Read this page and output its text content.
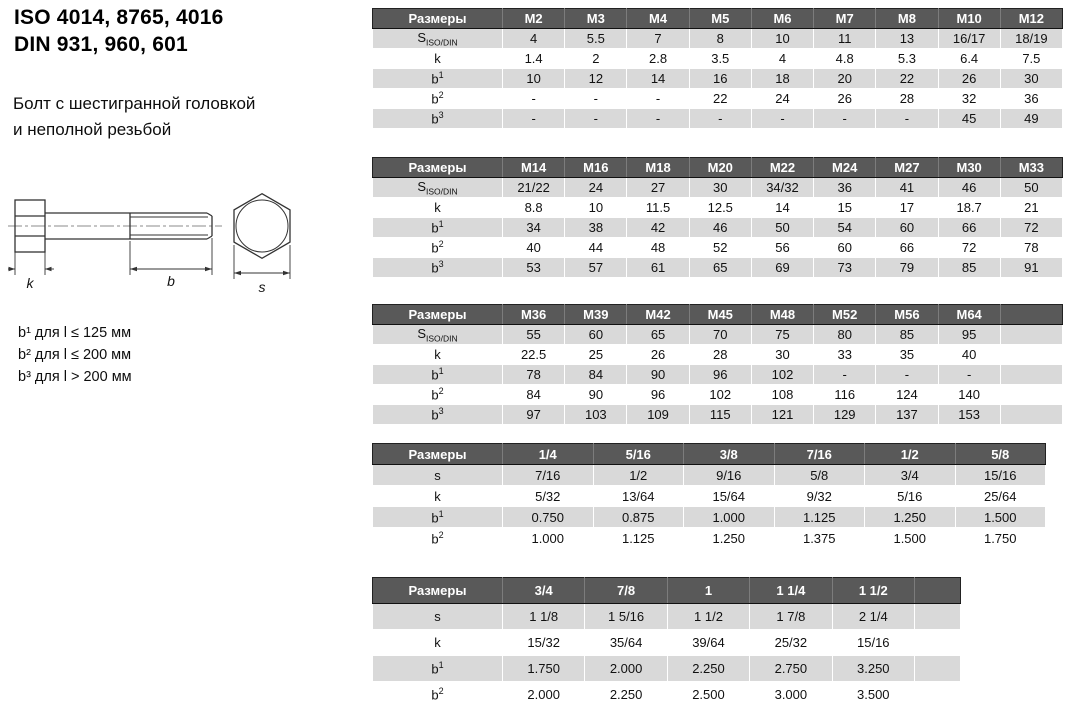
ISO 4014, 8765, 4016
DIN 931, 960, 601
Болт с шестигранной головкой
и неполной резьбой
k	b	s
b¹ для l ≤ 125 мм
b² для l ≤ 200 мм
b³ для l > 200 мм
Размеры	M2	M3	M4	M5	M6	M7	M8	M10	M12
$S_{ISO/DIN}$	4	5.5	7	8	10	11	13	16/17	18/19
k	1.4	2	2.8	3.5	4	4.8	5.3	6.4	7.5
$b^1$	10	12	14	16	18	20	22	26	30
$b^2$	-	-	-	22	24	26	28	32	36
$b^3$	-	-	-	-	-	-	-	45	49
Размеры	M14	M16	M18	M20	M22	M24	M27	M30	M33
$S_{ISO/DIN}$	21/22	24	27	30	34/32	36	41	46	50
k	8.8	10	11.5	12.5	14	15	17	18.7	21
$b^1$	34	38	42	46	50	54	60	66	72
$b^2$	40	44	48	52	56	60	66	72	78
$b^3$	53	57	61	65	69	73	79	85	91
Размеры	M36	M39	M42	M45	M48	M52	M56	M64	
$S_{ISO/DIN}$	55	60	65	70	75	80	85	95	
k	22.5	25	26	28	30	33	35	40	
$b^1$	78	84	90	96	102	-	-	-	
$b^2$	84	90	96	102	108	116	124	140	
$b^3$	97	103	109	115	121	129	137	153	
Размеры	1/4	5/16	3/8	7/16	1/2	5/8
s	7/16	1/2	9/16	5/8	3/4	15/16
k	5/32	13/64	15/64	9/32	5/16	25/64
$b^1$	0.750	0.875	1.000	1.125	1.250	1.500
$b^2$	1.000	1.125	1.250	1.375	1.500	1.750
Размеры	3/4	7/8	1	1 1/4	1 1/2	
s	1 1/8	1 5/16	1 1/2	1 7/8	2 1/4	
k	15/32	35/64	39/64	25/32	15/16	
$b^1$	1.750	2.000	2.250	2.750	3.250	
$b^2$	2.000	2.250	2.500	3.000	3.500	
